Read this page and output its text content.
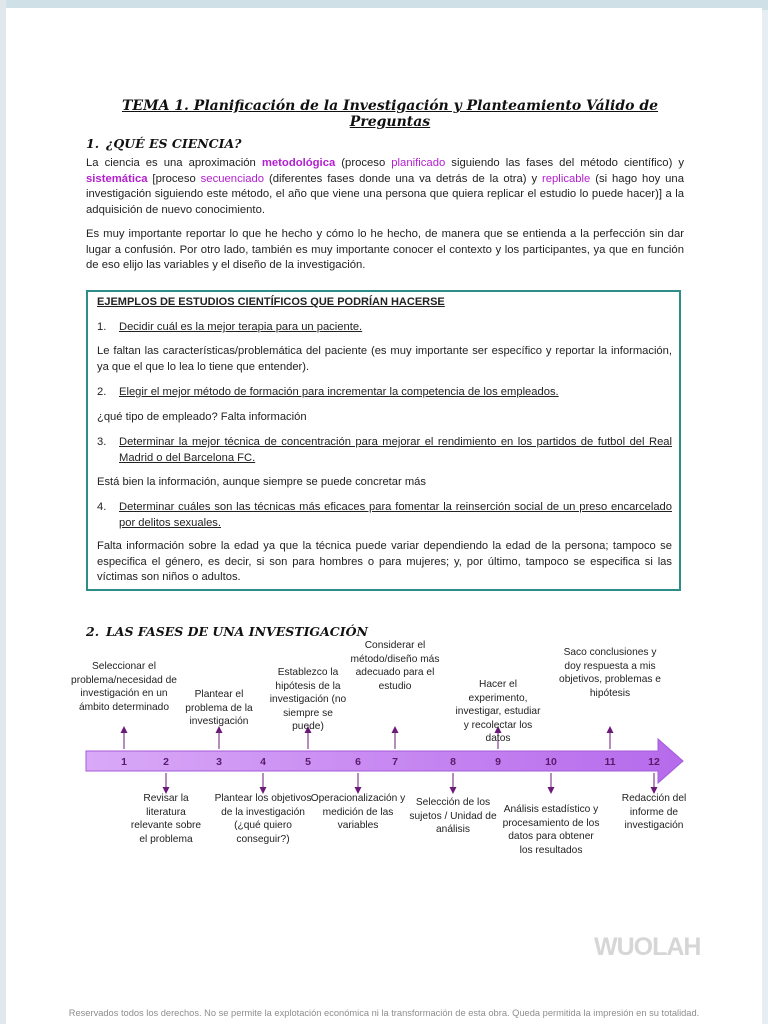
TEMA 1. Planificación de la Investigación y Planteamiento Válido de Preguntas
1. ¿QUÉ ES CIENCIA?
La ciencia es una aproximación metodológica (proceso planificado siguiendo las fases del método científico) y sistemática [proceso secuenciado (diferentes fases donde una va detrás de la otra) y replicable (si hago hoy una investigación siguiendo este método, el año que viene una persona que quiera replicar el estudio lo puede hacer)] a la adquisición de nuevo conocimiento.
Es muy importante reportar lo que he hecho y cómo lo he hecho, de manera que se entienda a la perfección sin dar lugar a confusión. Por otro lado, también es muy importante conocer el contexto y los participantes, ya que en función de eso elijo las variables y el diseño de la investigación.
EJEMPLOS DE ESTUDIOS CIENTÍFICOS QUE PODRÍAN HACERSE
1.	Decidir cuál es la mejor terapia para un paciente.
Le faltan las características/problemática del paciente (es muy importante ser específico y reportar la información, ya que el que lo lea lo tiene que entender).
2.	Elegir el mejor método de formación para incrementar la competencia de los empleados.
¿qué tipo de empleado? Falta información
3.	Determinar la mejor técnica de concentración para mejorar el rendimiento en los partidos de futbol del Real Madrid o del Barcelona FC.
Está bien la información, aunque siempre se puede concretar más
4.	Determinar cuáles son las técnicas más eficaces para fomentar la reinserción social de un preso encarcelado por delitos sexuales.
Falta información sobre la edad ya que la técnica puede variar dependiendo la edad de la persona; tampoco se especifica el género, es decir, si son para hombres o para mujeres; y, por último, tampoco se especifica si las víctimas son niños o adultos.
2. LAS FASES DE UNA INVESTIGACIÓN
1	2	3	4	5	6	7	8	9	10	11	12
Seleccionar el problema/necesidad de investigación en un ámbito determinado
Revisar la literatura relevante sobre el problema
Plantear el problema de la investigación
Plantear los objetivos de la investigación (¿qué quiero conseguir?)
Establezco la hipótesis de la investigación (no siempre se puede)
Operacionalización y medición de las variables
Considerar el método/diseño más adecuado para el estudio
Selección de los sujetos / Unidad de análisis
Hacer el experimento, investigar, estudiar y recolectar los datos
Análisis estadístico y procesamiento de los datos para obtener los resultados
Saco conclusiones y doy respuesta a mis objetivos, problemas e hipótesis
Redacción del informe de investigación
WUOLAH
Reservados todos los derechos. No se permite la explotación económica ni la transformación de esta obra. Queda permitida la impresión en su totalidad.
